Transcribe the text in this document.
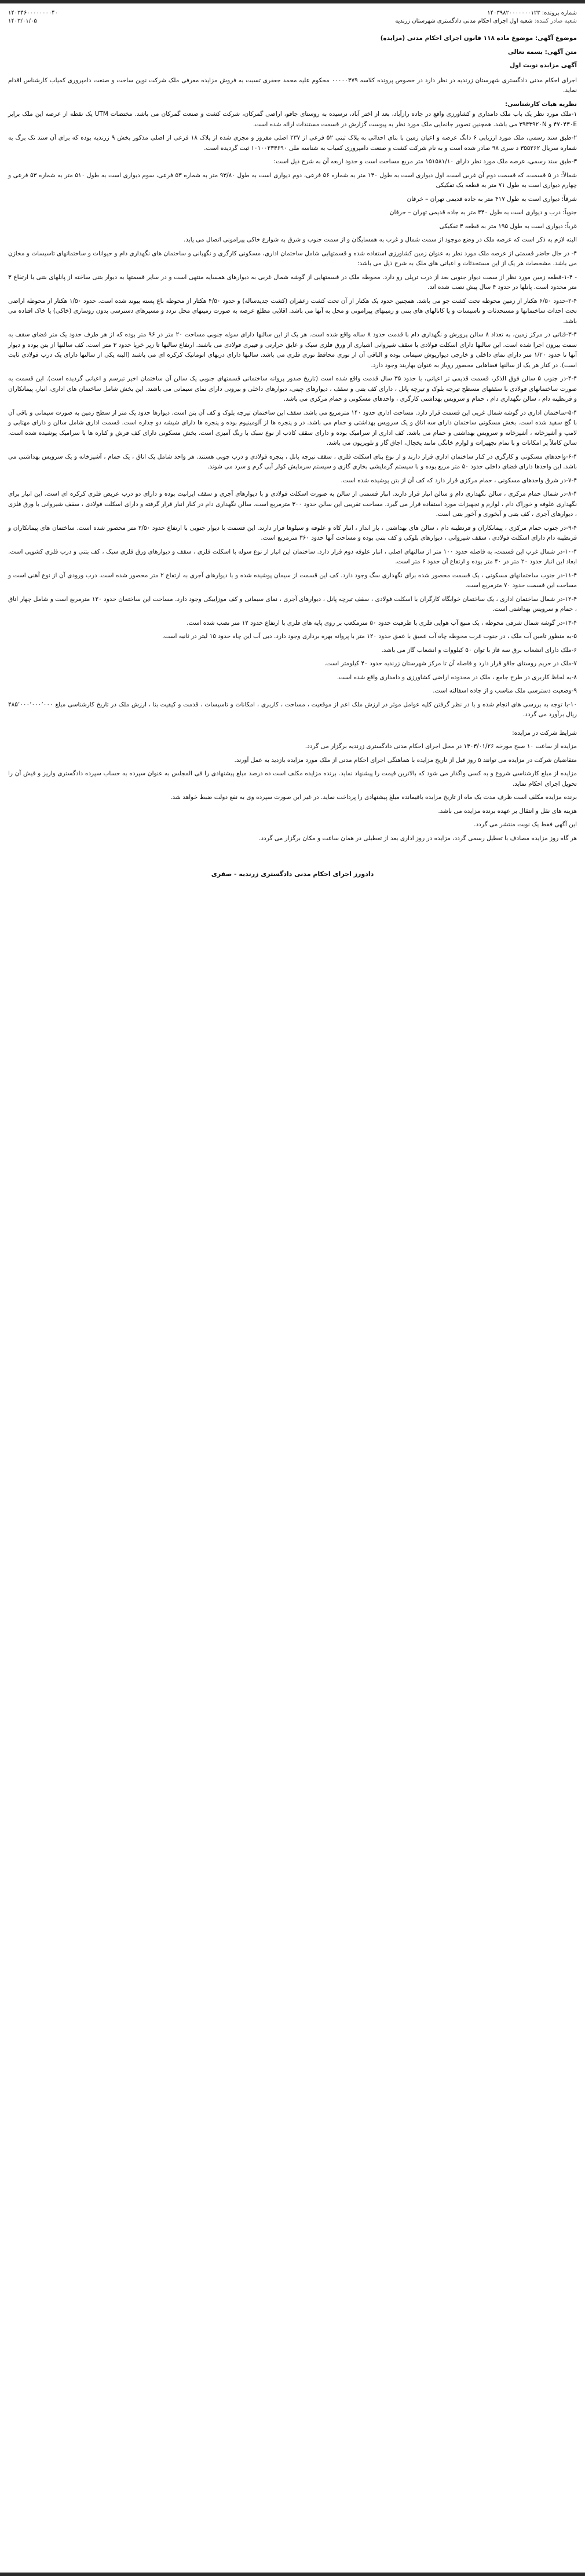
شماره پرونده: ۱۴۰۳۹۸۲۰۰۰۰۰۰۰۱۲۳
۱۴۰۳۴۶۰۰۰۰۰۰۰۰۴۰
شعبه صادر کننده: شعبه اول اجرای احکام مدنی دادگستری شهرستان زرندیه
۱۴۰۳/۰۱/۰۵
موضوع آگهی: موضوع ماده ۱۱۸ قانون اجرای احکام مدنی (مزایده)
متن آگهی: بسمه تعالی
آگهی مزایده نوبت اول

اجرای احکام مدنی دادگستری شهرستان زرندیه در نظر دارد در خصوص پرونده کلاسه ۰۰۰۰۰۴۷۹ محکوم علیه محمد جعفری تسبت به فروش مزایده معرفی ملک شرکت نوین ساخت و صنعت دامپروری کمیاب کارشناس اقدام نماید.

نظریه هیات کارشناسی:

۱-ملک مورد نظر یک باب ملک دامداری و کشاورزی واقع در جاده رازآباد، بعد از اختر آباد، نرسیده به روستای جاقو، اراضی گمرکان، شرکت کشت و صنعت گمرکان می باشد. مختصات UTM یک نقطه از عرصه این ملک برابر ۴۷۰۴۳۰E و ۳۹۴۳۹۲۰N می باشد. همچنین تصویر جانمایی ملک مورد نظر به پیوست گزارش در قسمت مستندات ارائه شده است.

۲-طبق سند رسمی، ملک مورد ارزیابی ۶ دانگ عرصه و اعیان زمین با بنای احداثی به پلاک ثبتی ۵۲ فرعی از ۲۳۷ اصلی مفروز و مجزی شده از پلاک ۱۸ فرعی از اصلی مذکور بخش ۹ زرندیه بوده که برای آن سند تک برگ به شماره سریال ۳۵۵۲۶۲ د سری ۹۸ صادر شده است و به نام شرکت کشت و صنعت دامپروری کمیاب به شناسه ملی ۱۰۱۰۰۲۳۳۶۹۰ ثبت گردیده است.

۳-طبق سند رسمی، عرصه ملک مورد نظر دارای ۱۵۱۵۸۱/۱۰ متر مربع مساحت است و حدود اربعه آن به شرح ذیل است:

شمالاً: در ۵ قسمت، که قسمت دوم آن غربی است، اول دیواری است به طول ۱۴۰ متر به شماره ۵۶ فرعی، دوم دیواری است به طول ۹۳/۸۰ متر به شماره ۵۳ فرعی، سوم دیواری است به طول ۵۱۰ متر به شماره ۵۳ فرعی و چهارم دیواری است به طول ۷۱ متر به قطعه یک تفکیکی

شرقاً: دیواری است به طول ۴۱۷ متر به جاده قدیمی تهران – خرقان

جنوباً: درب و دیواری است به طول ۴۴۰ متر به جاده قدیمی تهران – خرقان

غرباً: دیواری است به طول ۱۹۵ متر به قطعه ۳ تفکیکی

البته لازم به ذکر است که عرصه ملک در وضع موجود از سمت شمال و غرب به همسایگان و از سمت جنوب و شرق به شوارع خاکی پیرامونی اتصال می یابد.

۴- در حال حاضر قسمتی از عرصه ملک مورد نظر به عنوان زمین کشاورزی استفاده شده و قسمتهایی شامل ساختمان اداری، مسکونی کارگری و نگهبانی و ساختمان های نگهداری دام و حیوانات و ساختمانهای تاسیسات و مخازن می باشد. مشخصات هر یک از این مستحدثات و اعیانی های ملک به شرح ذیل می باشد:

- ۱-۴-قطعه زمین مورد نظر از سمت دیوار جنوبی بعد از درب ترپلی رو دارد. محوطه ملک در قسمتهایی از گوشه شمال غربی به دیوارهای همسایه منتهی است و در سایر قسمتها به دیوار بتنی ساخته از پانلهای بتنی با ارتفاع ۳ متر محدود است. پانلها در حدود ۴ سال پیش نصب شده اند.

۲-۴-حدود ۶/۵۰ هکتار از زمین محوطه تحت کشت جو می باشد. همچنین حدود یک هکتار از آن تحت کشت زعفران (کشت جدیدساله) و حدود ۴/۵۰ هکتار از محوطه باغ پسته بیوند شده است. حدود ۱/۵۰ هکتار از محوطه اراضی تحت احداث ساختمانها و مستحدثات و تاسیسات و یا کانالهای های بتنی و زمینهای پیرامونی و محل به آنها می باشد. اقلابی مطلع عرصه به صورت زمینهای محل تردد و مسیرهای دسترسی بدون روسازی (خاکی) یا خاک افتاده می باشد.

۳-۴-قناتی در مرکز زمین، به تعداد ۸ سالن پرورش و نگهداری دام با قدمت حدود ۸ ساله واقع شده است. هر یک از این سالنها دارای سوله جنوبی مساحت ۲۰ متر در ۹۶ متر بوده که از هر طرف حدود یک متر فضای سقف به سمت بیرون اجرا شده است. این سالنها دارای اسکلت فولادی با سقف شیروانی اشیاری از ورق فلزی سبک و عایق حرارتی و فیبری فولادی می باشند. ارتفاع سالنها تا زیر خرپا حدود ۳ متر است. کف سالنها از بتن بوده و دیوار آنها تا حدود ۱/۲۰ متر دارای نمای داخلی و خارجی دیوارپوش سیمانی بوده و الباقی آن از توری محافظ توری فلزی می باشد. سالنها دارای دربهای اتوماتیک کرکره ای می باشند (البته یکی از سالنها دارای یک درب فولادی ثابت است). در کنار هر یک از سالنها فضاهایی محصور روباز به عنوان بهاربند وجود دارد.

۴-۴-در جنوب ۵ سالن فوق الذکر، قسمت قدیمی تر اعیانی، با حدود ۳۵ سال قدمت واقع شده است (تاریخ صدور پروانه ساختمانی قسمتهای جنوبی یک سالن آن ساختمان اخیر تبرسم و اعیانی گردیده است). این قسمت به صورت ساختمانهای فولادی با سقفهای مسطح تیرچه بلوک و تیرچه پانل ، دارای کف بتنی و سقف ، دیوارهای چینی، دیوارهای داخلی و بیرونی دارای نمای سیمانی می باشند. این بخش شامل ساختمان های اداری، انبار، پیمانکاران و قرنطینه دام ، سالن نگهداری دام ، حمام و سرویس بهداشتی کارگری ، واحدهای مسکونی و حمام مرکزی می باشد.

۵-۴-ساختمان اداری در گوشه شمال غربی این قسمت قرار دارد. مساحت اداری حدود ۱۴۰ مترمربع می باشد. سقف این ساختمان تیرچه بلوک و کف آن بتن است. دیوارها حدود یک متر از سطح زمین به صورت سیمانی و باقی آن با گچ سفید شده است. بخش مسکونی ساختمان دارای سه اتاق و یک سرویس بهداشتی و حمام می باشد. در و پنجره ها از آلومینیوم بوده و پنجره ها دارای شیشه دو جداره است. قسمت اداری شامل سالن و دارای مهتابی و لامپ و آشپزخانه ، آشپزخانه و سرویس بهداشتی و حمام می باشد. کف اداری از سرامیک بوده و دارای سقف کاذب از نوع سبک با رنگ آمیزی است. بخش مسکونی دارای کف فرش و کناره ها با سرامیک پوشیده شده است. سالن کاملاً پر امکانات و با تمام تجهیزات و لوازم خانگی مانند یخچال، اجاق گاز و تلویزیون می باشد.

۶-۴-واحدهای مسکونی و کارگری در کنار ساختمان اداری قرار دارند و از نوع بنای اسکلت فلزی ، سقف تیرچه پانل ، پنجره فولادی و درب چوبی هستند. هر واحد شامل یک اتاق ، یک حمام ، آشپزخانه و یک سرویس بهداشتی می باشد. این واحدها دارای فضای داخلی حدود ۵۰ متر مربع بوده و با سیستم گرمایشی بخاری گازی و سیستم سرمایش کولر آبی گرم و سرد می شوند.

۷-۴-در شرق واحدهای مسکونی ، حمام مرکزی قرار دارد که کف آن از بتن پوشیده شده است.

۸-۴-در شمال حمام مرکزی ، سالن نگهداری دام و سالن انبار قرار دارند. انبار قسمتی از سالن به صورت اسکلت فولادی و با دیوارهای آجری و سقف ایرانیت بوده و دارای دو درب عریض فلزی کرکره ای است. این انبار برای نگهداری علوفه و خوراک دام ، لوازم و تجهیزات مورد استفاده قرار می گیرد. مساحت تقریبی این سالن حدود ۳۰۰ مترمربع است. سالن نگهداری دام در کنار انبار قرار گرفته و دارای اسکلت فولادی ، سقف شیروانی با ورق فلزی ، دیوارهای آجری ، کف بتنی و آبخوری و آخور بتنی است.

۹-۴-در جنوب حمام مرکزی ، پیمانکاران و قرنطینه دام ، سالن های بهداشتی ، بار انداز ، انبار کاه و علوفه و سیلوها قرار دارند. این قسمت با دیوار جنوبی با ارتفاع حدود ۲/۵۰ متر محصور شده است. ساختمان های پیمانکاران و قرنطینه دام دارای اسکلت فولادی ، سقف شیروانی ، دیوارهای بلوکی و کف بتنی بوده و مساحت آنها حدود ۳۶۰ مترمربع است.

۱۰-۴-در شمال غرب این قسمت، به فاصله حدود ۱۰۰ متر از سالنهای اصلی ، انبار علوفه دوم قرار دارد. ساختمان این انبار از نوع سوله با اسکلت فلزی ، سقف و دیوارهای ورق فلزی سبک ، کف بتنی و درب فلزی کشویی است. ابعاد این انبار حدود ۲۰ متر در ۴۰ متر بوده و ارتفاع آن حدود ۶ متر است.

۱۱-۴-در جنوب ساختمانهای مسکونی ، یک قسمت محصور شده برای نگهداری سگ وجود دارد. کف این قسمت از سیمان پوشیده شده و با دیوارهای آجری به ارتفاع ۲ متر محصور شده است. درب ورودی آن از نوع آهنی است و مساحت این قسمت حدود ۷۰ مترمربع است.

۱۲-۴-در شمال ساختمان اداری ، یک ساختمان خوابگاه کارگران با اسکلت فولادی ، سقف تیرچه پانل ، دیوارهای آجری ، نمای سیمانی و کف موزاییکی وجود دارد. مساحت این ساختمان حدود ۱۲۰ مترمربع است و شامل چهار اتاق ، حمام و سرویس بهداشتی است.

۱۳-۴-در گوشه شمال شرقی محوطه ، یک منبع آب هوایی فلزی با ظرفیت حدود ۵۰ مترمکعب بر روی پایه های فلزی با ارتفاع حدود ۱۲ متر نصب شده است.

۵-به منظور تامین آب ملک ، در جنوب غرب محوطه چاه آب عمیق با عمق حدود ۱۲۰ متر با پروانه بهره برداری وجود دارد. دبی آب این چاه حدود ۱۵ لیتر در ثانیه است.

۶-ملک دارای انشعاب برق سه فاز با توان ۵۰ کیلووات و انشعاب گاز می باشد.

۷-ملک در حریم روستای جاقو قرار دارد و فاصله آن تا مرکز شهرستان زرندیه حدود ۴۰ کیلومتر است.

۸-به لحاظ کاربری در طرح جامع ، ملک در محدوده اراضی کشاورزی و دامداری واقع شده است.

۹-وضعیت دسترسی ملک مناسب و از جاده اسفالته است.

۱۰-با توجه به بررسی های انجام شده و با در نظر گرفتن کلیه عوامل موثر در ارزش ملک اعم از موقعیت ، مساحت ، کاربری ، امکانات و تاسیسات ، قدمت و کیفیت بنا ، ارزش ملک در تاریخ کارشناسی مبلغ ۴۸۵٬۰۰۰٬۰۰۰٬۰۰۰ ریال برآورد می گردد.

شرایط شرکت در مزایده:

مزایده از ساعت ۱۰ صبح مورخه ۱۴۰۳/۰۱/۲۶ در محل اجرای احکام مدنی دادگستری زرندیه برگزار می گردد.

متقاضیان شرکت در مزایده می توانند ۵ روز قبل از تاریخ مزایده با هماهنگی اجرای احکام مدنی از ملک مورد مزایده بازدید به عمل آورند.

مزایده از مبلغ کارشناسی شروع و به کسی واگذار می شود که بالاترین قیمت را پیشنهاد نماید. برنده مزایده مکلف است ده درصد مبلغ پیشنهادی را فی المجلس به عنوان سپرده به حساب سپرده دادگستری واریز و فیش آن را تحویل اجرای احکام نماید.

برنده مزایده مکلف است ظرف مدت یک ماه از تاریخ مزایده باقیمانده مبلغ پیشنهادی را پرداخت نماید. در غیر این صورت سپرده وی به نفع دولت ضبط خواهد شد.

هزینه های نقل و انتقال بر عهده برنده مزایده می باشد.

این آگهی فقط یک نوبت منتشر می گردد.

هر گاه روز مزایده مصادف با تعطیل رسمی گردد، مزایده در روز اداری بعد از تعطیلی در همان ساعت و مکان برگزار می گردد.

دادورز اجرای احکام مدنی دادگستری زرندیه - صفری
